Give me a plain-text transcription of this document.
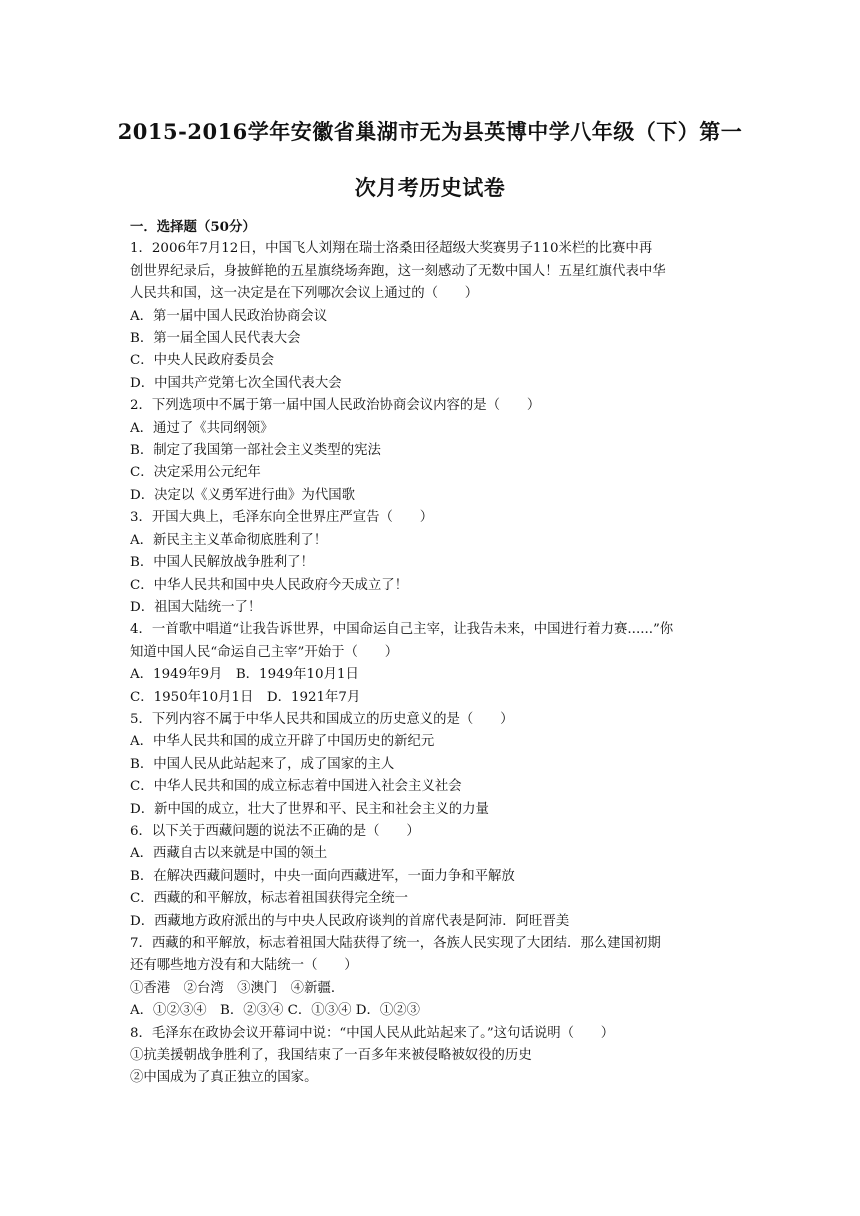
2015-2016学年安徽省巢湖市无为县英博中学八年级（下）第一
次月考历史试卷
一．选择题（50分）
1．2006年7月12日，中国飞人刘翔在瑞士洛桑田径超级大奖赛男子110米栏的比赛中再
创世界纪录后，身披鲜艳的五星旗绕场奔跑，这一刻感动了无数中国人！五星红旗代表中华
人民共和国，这一决定是在下列哪次会议上通过的（　　）
A．第一届中国人民政治协商会议
B．第一届全国人民代表大会
C．中央人民政府委员会
D．中国共产党第七次全国代表大会
2．下列选项中不属于第一届中国人民政治协商会议内容的是（　　）
A．通过了《共同纲领》
B．制定了我国第一部社会主义类型的宪法
C．决定采用公元纪年
D．决定以《义勇军进行曲》为代国歌
3．开国大典上，毛泽东向全世界庄严宣告（　　）
A．新民主主义革命彻底胜利了！
B．中国人民解放战争胜利了！
C．中华人民共和国中央人民政府今天成立了！
D．祖国大陆统一了！
4．一首歌中唱道“让我告诉世界，中国命运自己主宰，让我告未来，中国进行着力赛......”你
知道中国人民“命运自己主宰”开始于（　　）
A．1949年9月　B．1949年10月1日
C．1950年10月1日　D．1921年7月
5．下列内容不属于中华人民共和国成立的历史意义的是（　　）
A．中华人民共和国的成立开辟了中国历史的新纪元
B．中国人民从此站起来了，成了国家的主人
C．中华人民共和国的成立标志着中国进入社会主义社会
D．新中国的成立，壮大了世界和平、民主和社会主义的力量
6．以下关于西藏问题的说法不正确的是（　　）
A．西藏自古以来就是中国的领土
B．在解决西藏问题时，中央一面向西藏进军，一面力争和平解放
C．西藏的和平解放，标志着祖国获得完全统一
D．西藏地方政府派出的与中央人民政府谈判的首席代表是阿沛．阿旺晋美
7．西藏的和平解放，标志着祖国大陆获得了统一，各族人民实现了大团结．那么建国初期
还有哪些地方没有和大陆统一（　　）
①香港　②台湾　③澳门　④新疆．
A．①②③④　B．②③④ C．①③④ D．①②③
8．毛泽东在政协会议开幕词中说：“中国人民从此站起来了。”这句话说明（　　）
①抗美援朝战争胜利了，我国结束了一百多年来被侵略被奴役的历史
②中国成为了真正独立的国家。
